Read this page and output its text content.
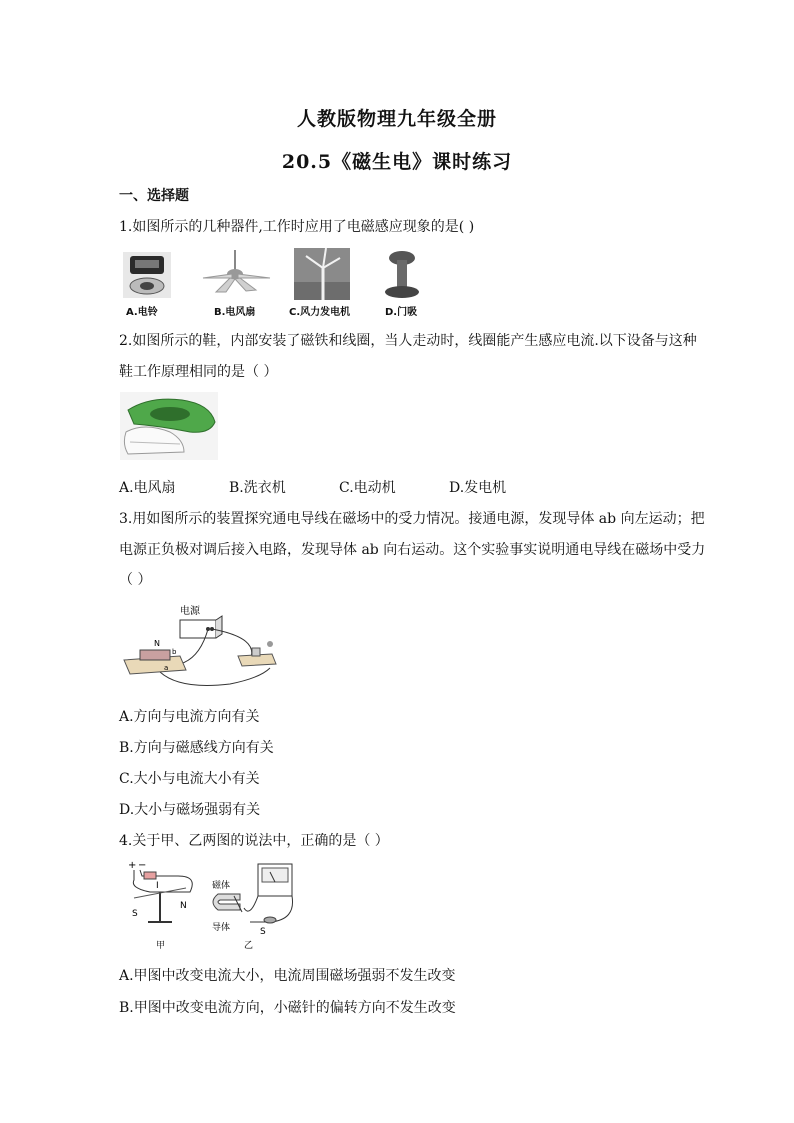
人教版物理九年级全册
20.5《磁生电》课时练习
一、选择题
1.如图所示的几种器件,工作时应用了电磁感应现象的是( )
A.电铃	B.电风扇	C.风力发电机	D.门吸
2.如图所示的鞋，内部安装了磁铁和线圈，当人走动时，线圈能产生感应电流.以下设备与这种
鞋工作原理相同的是（ ）
A.电风扇	B.洗衣机	C.电动机	D.发电机
3.用如图所示的装置探究通电导线在磁场中的受力情况。接通电源，发现导体 ab 向左运动；把
电源正负极对调后接入电路，发现导体 ab 向右运动。这个实验事实说明通电导线在磁场中受力
（ ）
电源
N
b
a
A.方向与电流方向有关
B.方向与磁感线方向有关
C.大小与电流大小有关
D.大小与磁场强弱有关
4.关于甲、乙两图的说法中，正确的是（ ）
+ −
I
S
N
甲
磁体
导体	S
乙
A.甲图中改变电流大小，电流周围磁场强弱不发生改变
B.甲图中改变电流方向，小磁针的偏转方向不发生改变
